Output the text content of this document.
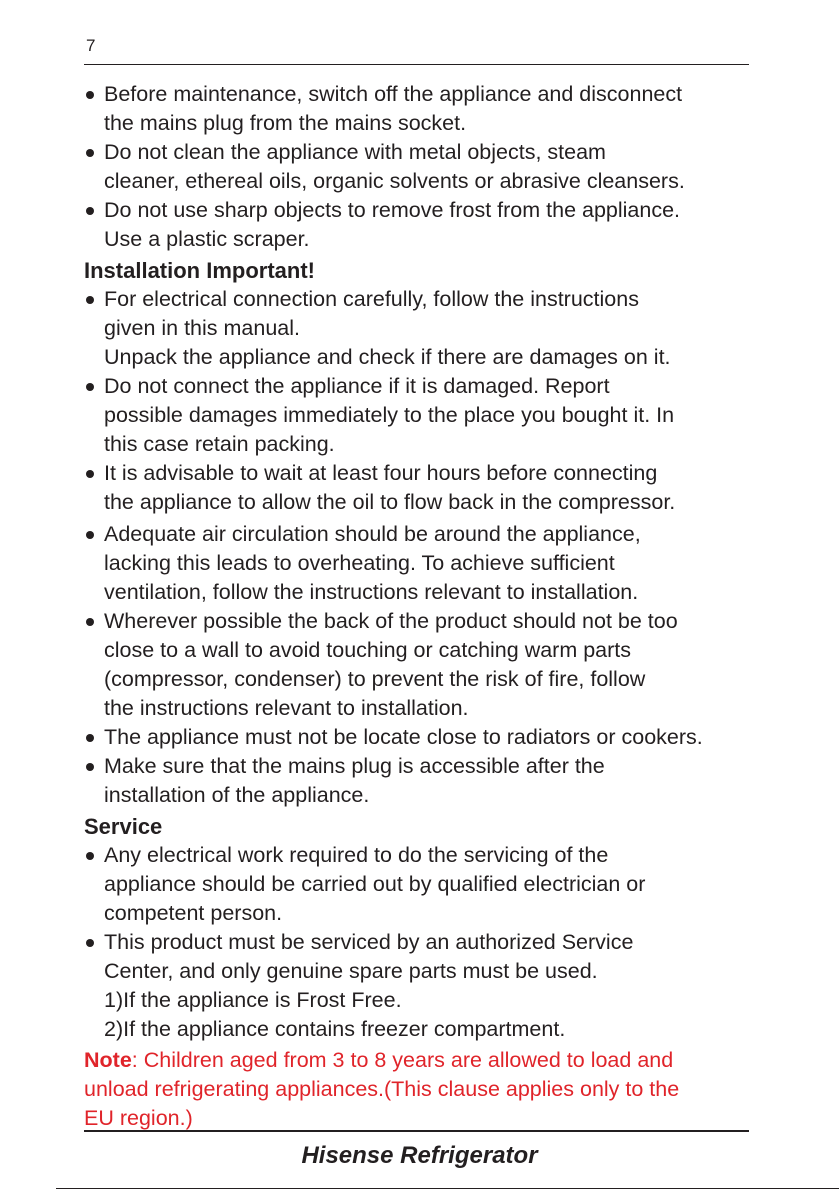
7
Before maintenance, switch off the appliance and disconnect
the mains plug from the mains socket.
Do not clean the appliance with metal objects, steam
cleaner, ethereal oils, organic solvents or abrasive cleansers.
Do not use sharp objects to remove frost from the appliance.
Use a plastic scraper.
Installation Important!
For electrical connection carefully, follow the instructions
given in this manual.
Unpack the appliance and check if there are damages on it.
Do not connect the appliance if it is damaged. Report
possible damages immediately to the place you bought it. In
this case retain packing.
It is advisable to wait at least four hours before connecting
the appliance to allow the oil to flow back in the compressor.
Adequate air circulation should be around the appliance,
lacking this leads to overheating. To achieve sufficient
ventilation, follow the instructions relevant to installation.
Wherever possible the back of the product should not be too
close to a wall to avoid touching or catching warm parts
(compressor, condenser) to prevent the risk of fire, follow
the instructions relevant to installation.
The appliance must not be locate close to radiators or cookers.
Make sure that the mains plug is accessible after the
installation of the appliance.
Service
Any electrical work required to do the servicing of the
appliance should be carried out by qualified electrician or
competent person.
This product must be serviced by an authorized Service
Center, and only genuine spare parts must be used.
1)If the appliance is Frost Free.
2)If the appliance contains freezer compartment.
Note: Children aged from 3 to 8 years are allowed to load and
unload refrigerating appliances.(This clause applies only to the
EU region.)
Hisense Refrigerator
